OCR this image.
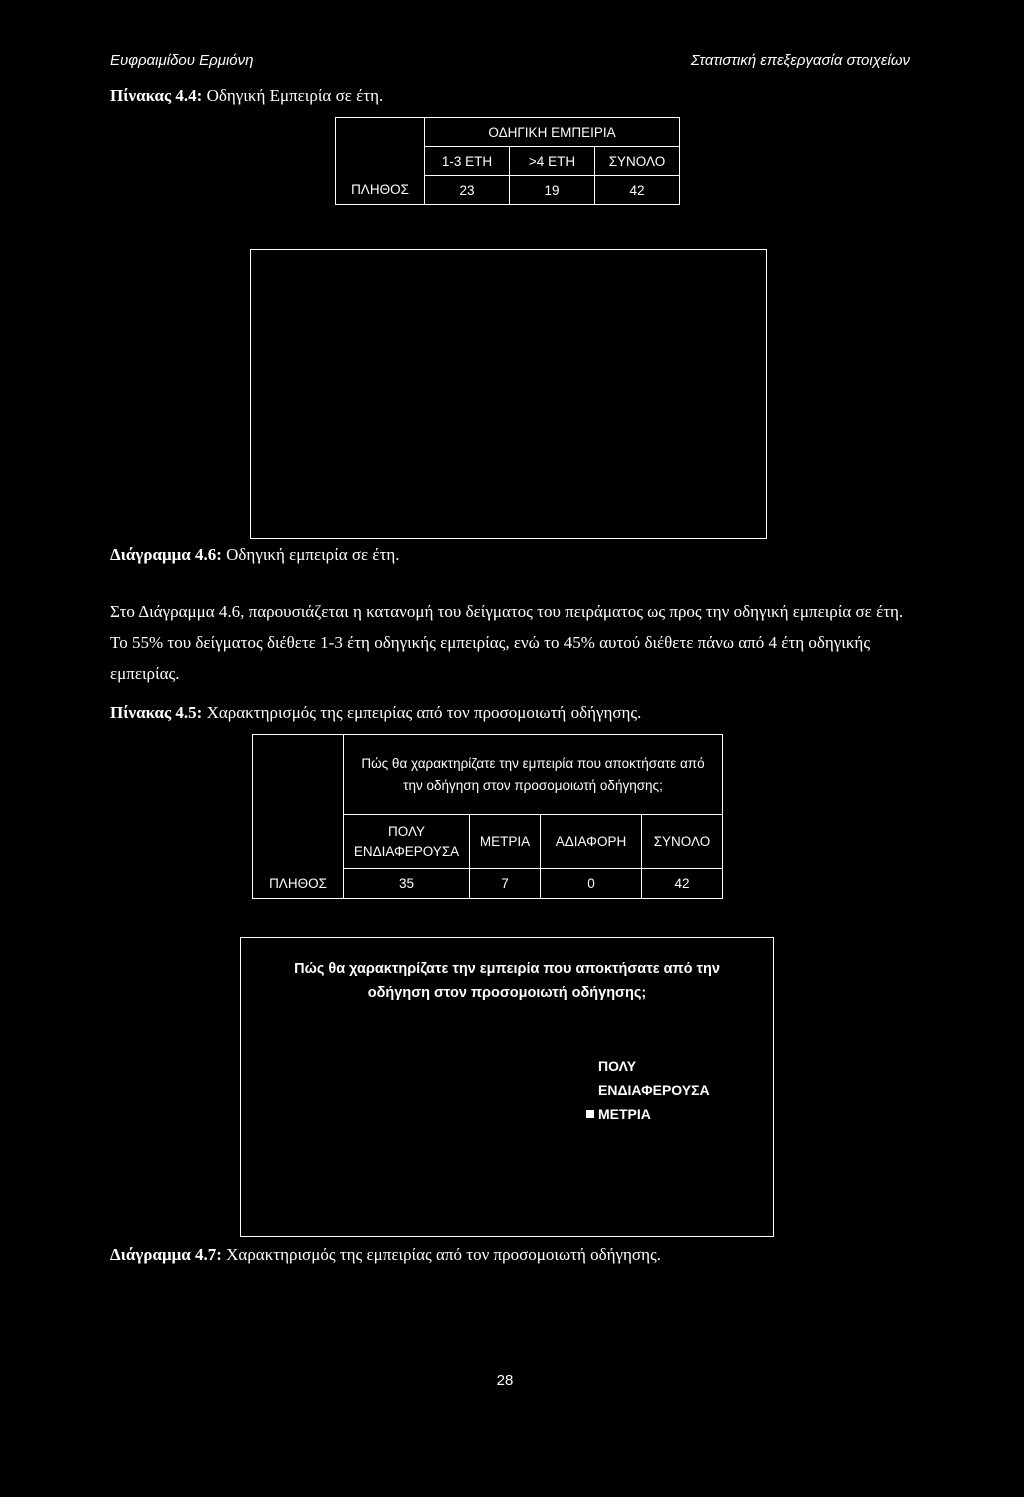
Ευφραιμίδου Ερμιόνη	Στατιστική επεξεργασία στοιχείων
Πίνακας 4.4: Οδηγική Εμπειρία σε έτη.
	ΟΔΗΓΙΚΗ ΕΜΠΕΙΡΙΑ		
	1-3 ΕΤΗ	>4 ΕΤΗ	ΣΥΝΟΛΟ
ΠΛΗΘΟΣ	23	19	42
Διάγραμμα 4.6: Οδηγική εμπειρία σε έτη.
Στο Διάγραμμα 4.6, παρουσιάζεται η κατανομή του δείγματος του πειράματος ως προς την οδηγική εμπειρία σε έτη. Το 55% του δείγματος διέθετε 1-3 έτη οδηγικής εμπειρίας, ενώ το 45% αυτού διέθετε πάνω από 4 έτη οδηγικής εμπειρίας.
Πίνακας 4.5: Χαρακτηρισμός της εμπειρίας από τον προσομοιωτή οδήγησης.
	Πώς θα χαρακτηρίζατε την εμπειρία που αποκτήσατε από την οδήγηση στον προσομοιωτή οδήγησης;			
	ΠΟΛΥ ΕΝΔΙΑΦΕΡΟΥΣΑ	ΜΕΤΡΙΑ	ΑΔΙΑΦΟΡΗ	ΣΥΝΟΛΟ
ΠΛΗΘΟΣ	35	7	0	42
Πώς θα χαρακτηρίζατε την εμπειρία που αποκτήσατε από την οδήγηση στον προσομοιωτή οδήγησης;
ΠΟΛΥ ΕΝΔΙΑΦΕΡΟΥΣΑ
ΜΕΤΡΙΑ
Διάγραμμα 4.7: Χαρακτηρισμός της εμπειρίας από τον προσομοιωτή οδήγησης.
28
